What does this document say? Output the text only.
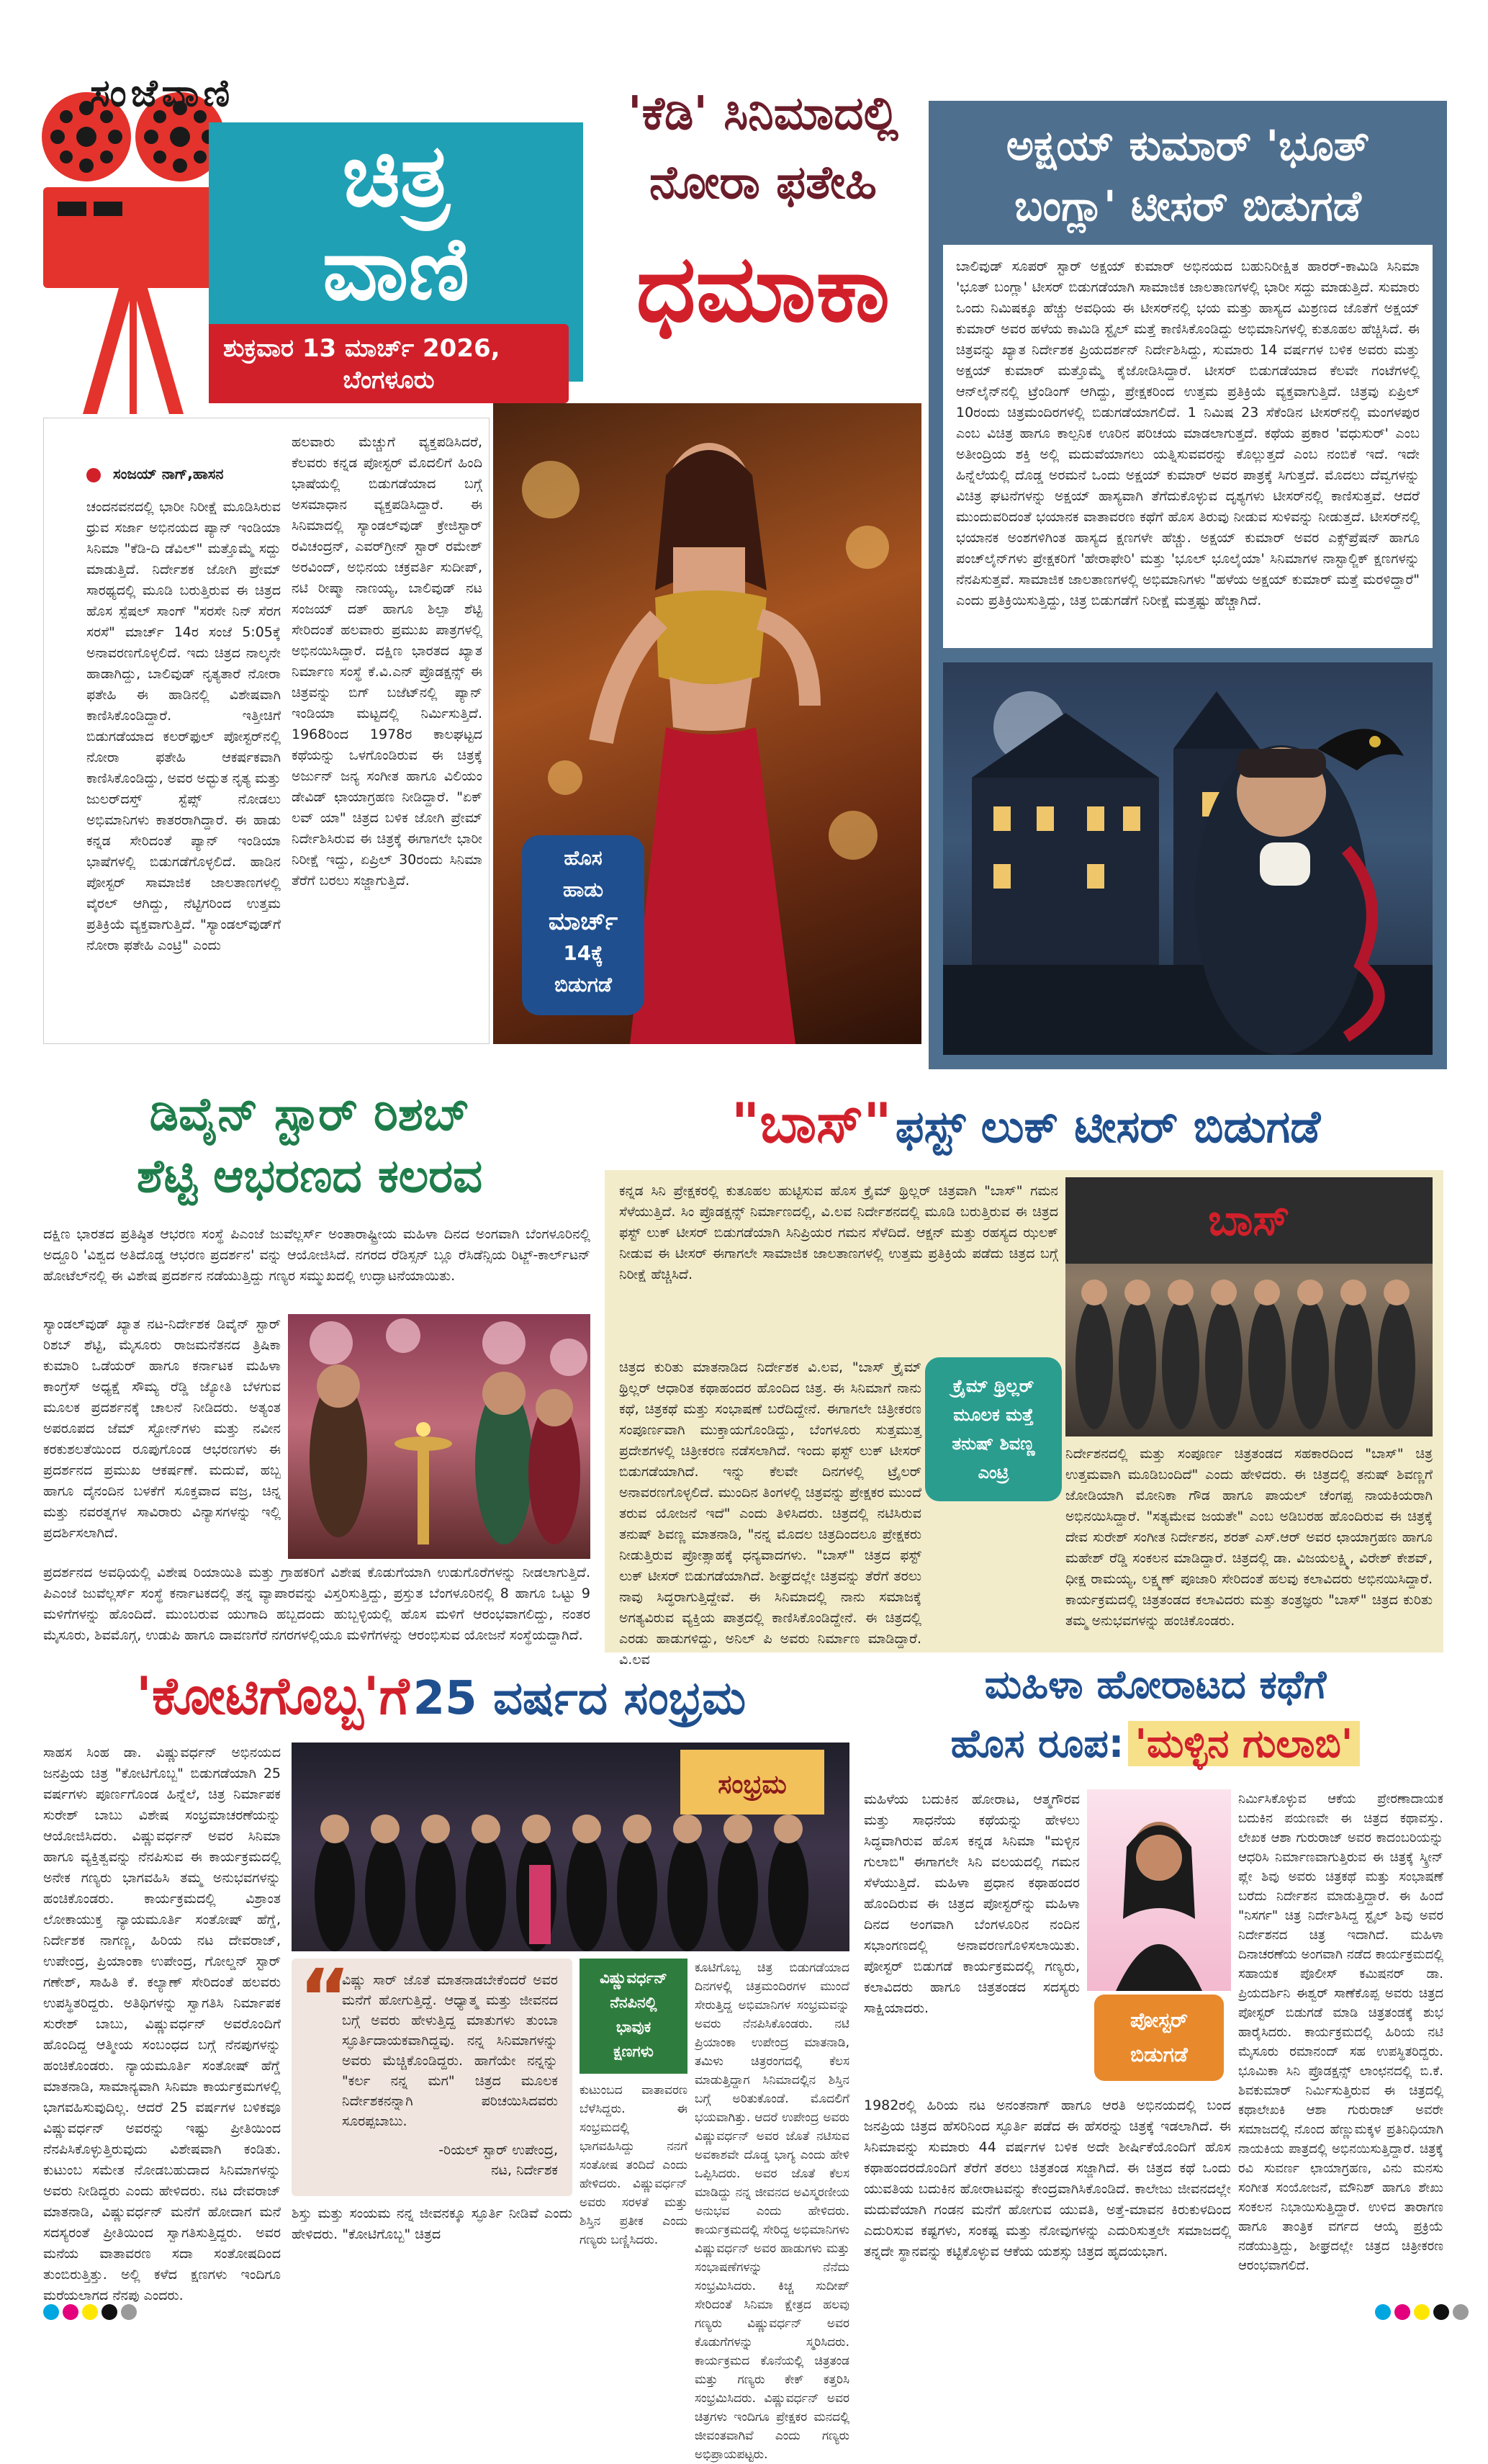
ಸಂಜೆವಾಣಿ
ಚಿತ್ರ
ವಾಣಿ
ಶುಕ್ರವಾರ 13 ಮಾರ್ಚ್ 2026,
ಬೆಂಗಳೂರು
'ಕೆಡಿ' ಸಿನಿಮಾದಲ್ಲಿ
ನೋರಾ ಫತೇಹಿ
ಧಮಾಕಾ
ಅಕ್ಷಯ್ ಕುಮಾರ್ 'ಭೂತ್
ಬಂಗ್ಲಾ' ಟೀಸರ್ ಬಿಡುಗಡೆ
ಬಾಲಿವುಡ್ ಸೂಪರ್ ಸ್ಟಾರ್ ಅಕ್ಷಯ್ ಕುಮಾರ್ ಅಭಿನಯದ ಬಹುನಿರೀಕ್ಷಿತ ಹಾರರ್-ಕಾಮಿಡಿ ಸಿನಿಮಾ 'ಭೂತ್ ಬಂಗ್ಲಾ' ಟೀಸರ್ ಬಿಡುಗಡೆಯಾಗಿ ಸಾಮಾಜಿಕ ಜಾಲತಾಣಗಳಲ್ಲಿ ಭಾರೀ ಸದ್ದು ಮಾಡುತ್ತಿದೆ. ಸುಮಾರು ಒಂದು ನಿಮಿಷಕ್ಕೂ ಹೆಚ್ಚು ಅವಧಿಯ ಈ ಟೀಸರ್‌ನಲ್ಲಿ ಭಯ ಮತ್ತು ಹಾಸ್ಯದ ಮಿಶ್ರಣದ ಜೊತೆಗೆ ಅಕ್ಷಯ್ ಕುಮಾರ್ ಅವರ ಹಳೆಯ ಕಾಮಿಡಿ ಸ್ಟೈಲ್ ಮತ್ತೆ ಕಾಣಿಸಿಕೊಂಡಿದ್ದು ಅಭಿಮಾನಿಗಳಲ್ಲಿ ಕುತೂಹಲ ಹೆಚ್ಚಿಸಿದೆ. ಈ ಚಿತ್ರವನ್ನು ಖ್ಯಾತ ನಿರ್ದೇಶಕ ಪ್ರಿಯದರ್ಶನ್ ನಿರ್ದೇಶಿಸಿದ್ದು, ಸುಮಾರು 14 ವರ್ಷಗಳ ಬಳಿಕ ಅವರು ಮತ್ತು ಅಕ್ಷಯ್ ಕುಮಾರ್ ಮತ್ತೊಮ್ಮೆ ಕೈಜೋಡಿಸಿದ್ದಾರೆ. ಟೀಸರ್ ಬಿಡುಗಡೆಯಾದ ಕೆಲವೇ ಗಂಟೆಗಳಲ್ಲಿ ಆನ್‌ಲೈನ್‌ನಲ್ಲಿ ಟ್ರೆಂಡಿಂಗ್ ಆಗಿದ್ದು, ಪ್ರೇಕ್ಷಕರಿಂದ ಉತ್ತಮ ಪ್ರತಿಕ್ರಿಯೆ ವ್ಯಕ್ತವಾಗುತ್ತಿದೆ. ಚಿತ್ರವು ಏಪ್ರಿಲ್ 10ರಂದು ಚಿತ್ರಮಂದಿರಗಳಲ್ಲಿ ಬಿಡುಗಡೆಯಾಗಲಿದೆ. 1 ನಿಮಿಷ 23 ಸೆಕೆಂಡಿನ ಟೀಸರ್‌ನಲ್ಲಿ ಮಂಗಳಪುರ ಎಂಬ ವಿಚಿತ್ರ ಹಾಗೂ ಕಾಲ್ಪನಿಕ ಊರಿನ ಪರಿಚಯ ಮಾಡಲಾಗುತ್ತದೆ. ಕಥೆಯ ಪ್ರಕಾರ 'ವಧುಸುರ್' ಎಂಬ ಅತೀಂದ್ರಿಯ ಶಕ್ತಿ ಅಲ್ಲಿ ಮದುವೆಯಾಗಲು ಯತ್ನಿಸುವವರನ್ನು ಕೊಲ್ಲುತ್ತದೆ ಎಂಬ ನಂಬಿಕೆ ಇದೆ. ಇದೇ ಹಿನ್ನೆಲೆಯಲ್ಲಿ ದೊಡ್ಡ ಅರಮನೆ ಒಂದು ಅಕ್ಷಯ್ ಕುಮಾರ್ ಅವರ ಪಾತ್ರಕ್ಕೆ ಸಿಗುತ್ತದೆ. ಮೊದಲು ದೆವ್ವಗಳನ್ನು ವಿಚಿತ್ರ ಘಟನೆಗಳನ್ನು ಅಕ್ಷಯ್ ಹಾಸ್ಯವಾಗಿ ತೆಗೆದುಕೊಳ್ಳುವ ದೃಶ್ಯಗಳು ಟೀಸರ್‌ನಲ್ಲಿ ಕಾಣಿಸುತ್ತವೆ. ಆದರೆ ಮುಂದುವರಿದಂತೆ ಭಯಾನಕ ವಾತಾವರಣ ಕಥೆಗೆ ಹೊಸ ತಿರುವು ನೀಡುವ ಸುಳಿವನ್ನು ನೀಡುತ್ತದೆ. ಟೀಸರ್‌ನಲ್ಲಿ ಭಯಾನಕ ಅಂಶಗಳಿಗಿಂತ ಹಾಸ್ಯದ ಕ್ಷಣಗಳೇ ಹೆಚ್ಚು. ಅಕ್ಷಯ್ ಕುಮಾರ್ ಅವರ ಎಕ್ಸ್‌ಪ್ರೆಷನ್ ಹಾಗೂ ಪಂಚ್‌ಲೈನ್‌ಗಳು ಪ್ರೇಕ್ಷಕರಿಗೆ 'ಹೇರಾಫೇರಿ' ಮತ್ತು 'ಭೂಲ್ ಭೂಲೈಯಾ' ಸಿನಿಮಾಗಳ ನಾಸ್ಟಾಲ್ಜಿಕ್ ಕ್ಷಣಗಳನ್ನು ನೆನಪಿಸುತ್ತವೆ. ಸಾಮಾಜಿಕ ಜಾಲತಾಣಗಳಲ್ಲಿ ಅಭಿಮಾನಿಗಳು "ಹಳೆಯ ಅಕ್ಷಯ್ ಕುಮಾರ್ ಮತ್ತೆ ಮರಳಿದ್ದಾರೆ" ಎಂದು ಪ್ರತಿಕ್ರಿಯಿಸುತ್ತಿದ್ದು, ಚಿತ್ರ ಬಿಡುಗಡೆಗೆ ನಿರೀಕ್ಷೆ ಮತ್ತಷ್ಟು ಹೆಚ್ಚಾಗಿದೆ.
ಸಂಜಯ್ ನಾಗ್,ಹಾಸನ
ಚಂದನವನದಲ್ಲಿ ಭಾರೀ ನಿರೀಕ್ಷೆ ಮೂಡಿಸಿರುವ ಧ್ರುವ ಸರ್ಜಾ ಅಭಿನಯದ ಪ್ಯಾನ್ ಇಂಡಿಯಾ ಸಿನಿಮಾ "ಕೆಡಿ-ದಿ ಡೆವಿಲ್" ಮತ್ತೊಮ್ಮೆ ಸದ್ದು ಮಾಡುತ್ತಿದೆ. ನಿರ್ದೇಶಕ ಜೋಗಿ ಪ್ರೇಮ್ ಸಾರಥ್ಯದಲ್ಲಿ ಮೂಡಿ ಬರುತ್ತಿರುವ ಈ ಚಿತ್ರದ ಹೊಸ ಸ್ಪೆಷಲ್ ಸಾಂಗ್ "ಸರಸೇ ನಿನ್ ಸೆರಗ ಸರಸೆ" ಮಾರ್ಚ್ 14ರ ಸಂಜೆ 5:05ಕ್ಕೆ ಅನಾವರಣಗೊಳ್ಳಲಿದೆ. ಇದು ಚಿತ್ರದ ನಾಲ್ಕನೇ ಹಾಡಾಗಿದ್ದು, ಬಾಲಿವುಡ್ ನೃತ್ಯತಾರೆ ನೋರಾ ಫತೇಹಿ ಈ ಹಾಡಿನಲ್ಲಿ ವಿಶೇಷವಾಗಿ ಕಾಣಿಸಿಕೊಂಡಿದ್ದಾರೆ. ಇತ್ತೀಚಿಗೆ ಬಿಡುಗಡೆಯಾದ ಕಲರ್‌ಫುಲ್ ಪೋಸ್ಟರ್‌ನಲ್ಲಿ ನೋರಾ ಫತೇಹಿ ಆಕರ್ಷಕವಾಗಿ ಕಾಣಿಸಿಕೊಂಡಿದ್ದು, ಅವರ ಅದ್ಭುತ ನೃತ್ಯ ಮತ್ತು ಜುಲರ್‌ದಸ್ತ್ ಸ್ಟೆಪ್ಸ್ ನೋಡಲು ಅಭಿಮಾನಿಗಳು ಕಾತರರಾಗಿದ್ದಾರೆ. ಈ ಹಾಡು ಕನ್ನಡ ಸೇರಿದಂತೆ ಪ್ಯಾನ್ ಇಂಡಿಯಾ ಭಾಷೆಗಳಲ್ಲಿ ಬಿಡುಗಡೆಗೊಳ್ಳಲಿದೆ. ಹಾಡಿನ ಪೋಸ್ಟರ್ ಸಾಮಾಜಿಕ ಜಾಲತಾಣಗಳಲ್ಲಿ ವೈರಲ್ ಆಗಿದ್ದು, ನೆಟ್ಟಿಗರಿಂದ ಉತ್ತಮ ಪ್ರತಿಕ್ರಿಯೆ ವ್ಯಕ್ತವಾಗುತ್ತಿದೆ. "ಸ್ಯಾಂಡಲ್‌ವುಡ್‌ಗೆ ನೋರಾ ಫತೇಹಿ ಎಂಟ್ರಿ" ಎಂದು
ಹಲವಾರು ಮೆಚ್ಚುಗೆ ವ್ಯಕ್ತಪಡಿಸಿದರೆ, ಕೆಲವರು ಕನ್ನಡ ಪೋಸ್ಟರ್ ಮೊದಲಿಗೆ ಹಿಂದಿ ಭಾಷೆಯಲ್ಲಿ ಬಿಡುಗಡೆಯಾದ ಬಗ್ಗೆ ಅಸಮಾಧಾನ ವ್ಯಕ್ತಪಡಿಸಿದ್ದಾರೆ. ಈ ಸಿನಿಮಾದಲ್ಲಿ ಸ್ಯಾಂಡಲ್‌ವುಡ್ ಕ್ರೇಜಿಸ್ಟಾರ್ ರವಿಚಂದ್ರನ್, ಎವರ್‌ಗ್ರೀನ್ ಸ್ಟಾರ್ ರಮೇಶ್ ಅರವಿಂದ್, ಅಭಿನಯ ಚಕ್ರವರ್ತಿ ಸುದೀಪ್, ನಟಿ ರೀಷ್ಮಾ ನಾಣಯ್ಯ, ಬಾಲಿವುಡ್ ನಟ ಸಂಜಯ್ ದತ್ ಹಾಗೂ ಶಿಲ್ಪಾ ಶೆಟ್ಟಿ ಸೇರಿದಂತೆ ಹಲವಾರು ಪ್ರಮುಖ ಪಾತ್ರಗಳಲ್ಲಿ ಅಭಿನಯಿಸಿದ್ದಾರೆ. ದಕ್ಷಿಣ ಭಾರತದ ಖ್ಯಾತ ನಿರ್ಮಾಣ ಸಂಸ್ಥೆ ಕೆ.ವಿ.ಎನ್ ಪ್ರೊಡಕ್ಷನ್ಸ್ ಈ ಚಿತ್ರವನ್ನು ಬಿಗ್ ಬಜೆಟ್‌ನಲ್ಲಿ ಪ್ಯಾನ್ ಇಂಡಿಯಾ ಮಟ್ಟದಲ್ಲಿ ನಿರ್ಮಿಸುತ್ತಿದೆ. 1968ರಿಂದ 1978ರ ಕಾಲಘಟ್ಟದ ಕಥೆಯನ್ನು ಒಳಗೊಂಡಿರುವ ಈ ಚಿತ್ರಕ್ಕೆ ಅರ್ಜುನ್ ಜನ್ಯ ಸಂಗೀತ ಹಾಗೂ ವಿಲಿಯಂ ಡೇವಿಡ್ ಛಾಯಾಗ್ರಹಣ ನೀಡಿದ್ದಾರೆ. "ಏಕ್ ಲವ್ ಯಾ" ಚಿತ್ರದ ಬಳಿಕ ಜೋಗಿ ಪ್ರೇಮ್ ನಿರ್ದೇಶಿಸಿರುವ ಈ ಚಿತ್ರಕ್ಕೆ ಈಗಾಗಲೇ ಭಾರೀ ನಿರೀಕ್ಷೆ ಇದ್ದು, ಏಪ್ರಿಲ್ 30ರಂದು ಸಿನಿಮಾ ತೆರೆಗೆ ಬರಲು ಸಜ್ಜಾಗುತ್ತಿದೆ.
ಹೊಸ
ಹಾಡು
ಮಾರ್ಚ್
14ಕ್ಕೆ
ಬಿಡುಗಡೆ
ಡಿವೈನ್ ಸ್ಟಾರ್ ರಿಶಬ್
ಶೆಟ್ಟಿ ಆಭರಣದ ಕಲರವ
ದಕ್ಷಿಣ ಭಾರತದ ಪ್ರತಿಷ್ಠಿತ ಆಭರಣ ಸಂಸ್ಥೆ ಪಿಎಂಜೆ ಜುವೆಲ್ಲರ್ಸ್ ಅಂತಾರಾಷ್ಟ್ರೀಯ ಮಹಿಳಾ ದಿನದ ಅಂಗವಾಗಿ ಬೆಂಗಳೂರಿನಲ್ಲಿ ಅದ್ದೂರಿ 'ವಿಶ್ವದ ಅತಿದೊಡ್ಡ ಆಭರಣ ಪ್ರದರ್ಶನ' ವನ್ನು ಆಯೋಜಿಸಿದೆ. ನಗರದ ರೆಡಿಸ್ಸನ್ ಬ್ಲೂ ರೆಸಿಡೆನ್ಸಿಯ ರಿಟ್ಜ್-ಕಾರ್ಲ್‌ಟನ್ ಹೋಟೆಲ್‌ನಲ್ಲಿ ಈ ವಿಶೇಷ ಪ್ರದರ್ಶನ ನಡೆಯುತ್ತಿದ್ದು ಗಣ್ಯರ ಸಮ್ಮುಖದಲ್ಲಿ ಉದ್ಘಾಟನೆಯಾಯಿತು.
ಸ್ಯಾಂಡಲ್‌ವುಡ್ ಖ್ಯಾತ ನಟ-ನಿರ್ದೇಶಕ ಡಿವೈನ್ ಸ್ಟಾರ್ ರಿಶಬ್ ಶೆಟ್ಟಿ, ಮೈಸೂರು ರಾಜಮನೆತನದ ತ್ರಿಷಿಕಾ ಕುಮಾರಿ ಒಡೆಯರ್ ಹಾಗೂ ಕರ್ನಾಟಕ ಮಹಿಳಾ ಕಾಂಗ್ರೆಸ್ ಅಧ್ಯಕ್ಷೆ ಸೌಮ್ಯ ರೆಡ್ಡಿ ಜ್ಯೋತಿ ಬೆಳಗುವ ಮೂಲಕ ಪ್ರದರ್ಶನಕ್ಕೆ ಚಾಲನೆ ನೀಡಿದರು. ಅತ್ಯಂತ ಅಪರೂಪದ ಜೆಮ್ ಸ್ಟೋನ್‌ಗಳು ಮತ್ತು ನವೀನ ಕರಕುಶಲತೆಯಿಂದ ರೂಪುಗೊಂಡ ಆಭರಣಗಳು ಈ ಪ್ರದರ್ಶನದ ಪ್ರಮುಖ ಆಕರ್ಷಣೆ. ಮದುವೆ, ಹಬ್ಬ ಹಾಗೂ ದೈನಂದಿನ ಬಳಕೆಗೆ ಸೂಕ್ತವಾದ ವಜ್ರ, ಚಿನ್ನ ಮತ್ತು ನವರತ್ನಗಳ ಸಾವಿರಾರು ವಿನ್ಯಾಸಗಳನ್ನು ಇಲ್ಲಿ ಪ್ರದರ್ಶಿಸಲಾಗಿದೆ.
ಪ್ರದರ್ಶನದ ಅವಧಿಯಲ್ಲಿ ವಿಶೇಷ ರಿಯಾಯಿತಿ ಮತ್ತು ಗ್ರಾಹಕರಿಗೆ ವಿಶೇಷ ಕೊಡುಗೆಯಾಗಿ ಉಡುಗೊರೆಗಳನ್ನು ನೀಡಲಾಗುತ್ತಿದೆ. ಪಿಎಂಜೆ ಜುವೆಲ್ಲರ್ಸ್ ಸಂಸ್ಥೆ ಕರ್ನಾಟಕದಲ್ಲಿ ತನ್ನ ವ್ಯಾಪಾರವನ್ನು ವಿಸ್ತರಿಸುತ್ತಿದ್ದು, ಪ್ರಸ್ತುತ ಬೆಂಗಳೂರಿನಲ್ಲಿ 8 ಹಾಗೂ ಒಟ್ಟು 9 ಮಳಿಗೆಗಳನ್ನು ಹೊಂದಿದೆ. ಮುಂಬರುವ ಯುಗಾದಿ ಹಬ್ಬದಂದು ಹುಬ್ಬಳ್ಳಿಯಲ್ಲಿ ಹೊಸ ಮಳಿಗೆ ಆರಂಭವಾಗಲಿದ್ದು, ನಂತರ ಮೈಸೂರು, ಶಿವಮೊಗ್ಗ, ಉಡುಪಿ ಹಾಗೂ ದಾವಣಗೆರೆ ನಗರಗಳಲ್ಲಿಯೂ ಮಳಿಗೆಗಳನ್ನು ಆರಂಭಿಸುವ ಯೋಜನೆ ಸಂಸ್ಥೆಯದ್ದಾಗಿದೆ.
"ಬಾಸ್" ಫಸ್ಟ್ ಲುಕ್ ಟೀಸರ್ ಬಿಡುಗಡೆ
ಕನ್ನಡ ಸಿನಿ ಪ್ರೇಕ್ಷಕರಲ್ಲಿ ಕುತೂಹಲ ಹುಟ್ಟಿಸುವ ಹೊಸ ಕ್ರೈಮ್ ಥ್ರಿಲ್ಲರ್ ಚಿತ್ರವಾಗಿ "ಬಾಸ್" ಗಮನ ಸೆಳೆಯುತ್ತಿದೆ. ಸಿಂ ಪ್ರೊಡಕ್ಷನ್ಸ್ ನಿರ್ಮಾಣದಲ್ಲಿ, ವಿ.ಲವ ನಿರ್ದೇಶನದಲ್ಲಿ ಮೂಡಿ ಬರುತ್ತಿರುವ ಈ ಚಿತ್ರದ ಫಸ್ಟ್ ಲುಕ್ ಟೀಸರ್ ಬಿಡುಗಡೆಯಾಗಿ ಸಿನಿಪ್ರಿಯರ ಗಮನ ಸೆಳೆದಿದೆ. ಆಕ್ಷನ್ ಮತ್ತು ರಹಸ್ಯದ ಝಲಕ್ ನೀಡುವ ಈ ಟೀಸರ್ ಈಗಾಗಲೇ ಸಾಮಾಜಿಕ ಜಾಲತಾಣಗಳಲ್ಲಿ ಉತ್ತಮ ಪ್ರತಿಕ್ರಿಯೆ ಪಡೆದು ಚಿತ್ರದ ಬಗ್ಗೆ ನಿರೀಕ್ಷೆ ಹೆಚ್ಚಿಸಿದೆ.
ಬಾಸ್
ಕ್ರೈಮ್ ಥ್ರಿಲ್ಲರ್
ಮೂಲಕ ಮತ್ತೆ
ತನುಷ್ ಶಿವಣ್ಣ
ಎಂಟ್ರಿ
ಚಿತ್ರದ ಕುರಿತು ಮಾತನಾಡಿದ ನಿರ್ದೇಶಕ ವಿ.ಲವ, "ಬಾಸ್ ಕ್ರೈಮ್ ಥ್ರಿಲ್ಲರ್ ಆಧಾರಿತ ಕಥಾಹಂದರ ಹೊಂದಿದ ಚಿತ್ರ. ಈ ಸಿನಿಮಾಗೆ ನಾನು ಕಥೆ, ಚಿತ್ರಕಥೆ ಮತ್ತು ಸಂಭಾಷಣೆ ಬರೆದಿದ್ದೇನೆ. ಈಗಾಗಲೇ ಚಿತ್ರೀಕರಣ ಸಂಪೂರ್ಣವಾಗಿ ಮುಕ್ತಾಯಗೊಂಡಿದ್ದು, ಬೆಂಗಳೂರು ಸುತ್ತಮುತ್ತ ಪ್ರದೇಶಗಳಲ್ಲಿ ಚಿತ್ರೀಕರಣ ನಡೆಸಲಾಗಿದೆ. ಇಂದು ಫಸ್ಟ್ ಲುಕ್ ಟೀಸರ್ ಬಿಡುಗಡೆಯಾಗಿದೆ. ಇನ್ನು ಕೆಲವೇ ದಿನಗಳಲ್ಲಿ ಟ್ರೈಲರ್ ಅನಾವರಣಗೊಳ್ಳಲಿದೆ. ಮುಂದಿನ ತಿಂಗಳಲ್ಲಿ ಚಿತ್ರವನ್ನು ಪ್ರೇಕ್ಷಕರ ಮುಂದೆ ತರುವ ಯೋಜನೆ ಇದೆ" ಎಂದು ತಿಳಿಸಿದರು. ಚಿತ್ರದಲ್ಲಿ ನಟಿಸಿರುವ ತನುಷ್ ಶಿವಣ್ಣ ಮಾತನಾಡಿ, "ನನ್ನ ಮೊದಲ ಚಿತ್ರದಿಂದಲೂ ಪ್ರೇಕ್ಷಕರು ನೀಡುತ್ತಿರುವ ಪ್ರೋತ್ಸಾಹಕ್ಕೆ ಧನ್ಯವಾದಗಳು. "ಬಾಸ್" ಚಿತ್ರದ ಫಸ್ಟ್ ಲುಕ್ ಟೀಸರ್ ಬಿಡುಗಡೆಯಾಗಿದೆ. ಶೀಘ್ರದಲ್ಲೇ ಚಿತ್ರವನ್ನು ತೆರೆಗೆ ತರಲು ನಾವು ಸಿದ್ಧರಾಗುತ್ತಿದ್ದೇವೆ. ಈ ಸಿನಿಮಾದಲ್ಲಿ ನಾನು ಸಮಾಜಕ್ಕೆ ಅಗತ್ಯವಿರುವ ವ್ಯಕ್ತಿಯ ಪಾತ್ರದಲ್ಲಿ ಕಾಣಿಸಿಕೊಂಡಿದ್ದೇನೆ. ಈ ಚಿತ್ರದಲ್ಲಿ ಎರಡು ಹಾಡುಗಳಿದ್ದು, ಅನಿಲ್ ಪಿ ಅವರು ನಿರ್ಮಾಣ ಮಾಡಿದ್ದಾರೆ. ವಿ.ಲವ
ನಿರ್ದೇಶನದಲ್ಲಿ ಮತ್ತು ಸಂಪೂರ್ಣ ಚಿತ್ರತಂಡದ ಸಹಕಾರದಿಂದ "ಬಾಸ್" ಚಿತ್ರ ಉತ್ತಮವಾಗಿ ಮೂಡಿಬಂದಿದೆ" ಎಂದು ಹೇಳಿದರು. ಈ ಚಿತ್ರದಲ್ಲಿ ತನುಷ್ ಶಿವಣ್ಣಗೆ ಜೋಡಿಯಾಗಿ ಮೋನಿಕಾ ಗೌಡ ಹಾಗೂ ಪಾಯಲ್ ಚೆಂಗಪ್ಪ ನಾಯಕಿಯರಾಗಿ ಅಭಿನಯಿಸಿದ್ದಾರೆ. "ಸತ್ಯಮೇವ ಜಯತೇ" ಎಂಬ ಅಡಿಬರಹ ಹೊಂದಿರುವ ಈ ಚಿತ್ರಕ್ಕೆ ದೇವ ಸುರೇಶ್ ಸಂಗೀತ ನಿರ್ದೇಶನ, ಶರತ್ ಎಸ್.ಆರ್ ಅವರ ಛಾಯಾಗ್ರಹಣ ಹಾಗೂ ಮಹೇಶ್ ರೆಡ್ಡಿ ಸಂಕಲನ ಮಾಡಿದ್ದಾರೆ. ಚಿತ್ರದಲ್ಲಿ ಡಾ. ವಿಜಯಲಕ್ಷ್ಮಿ, ವಿರೇಶ್ ಕೇಶವ್, ಧೀಕ್ಷ ರಾಮಯ್ಯ, ಲಕ್ಷ್ಮಣ್ ಪೂಜಾರಿ ಸೇರಿದಂತೆ ಹಲವು ಕಲಾವಿದರು ಅಭಿನಯಿಸಿದ್ದಾರೆ. ಕಾರ್ಯಕ್ರಮದಲ್ಲಿ ಚಿತ್ರತಂಡದ ಕಲಾವಿದರು ಮತ್ತು ತಂತ್ರಜ್ಞರು "ಬಾಸ್" ಚಿತ್ರದ ಕುರಿತು ತಮ್ಮ ಅನುಭವಗಳನ್ನು ಹಂಚಿಕೊಂಡರು.
'ಕೋಟಿಗೊಬ್ಬ'ಗೆ 25 ವರ್ಷದ ಸಂಭ್ರಮ
ಸಾಹಸ ಸಿಂಹ ಡಾ. ವಿಷ್ಣುವರ್ಧನ್ ಅಭಿನಯದ ಜನಪ್ರಿಯ ಚಿತ್ರ "ಕೋಟಿಗೊಬ್ಬ" ಬಿಡುಗಡೆಯಾಗಿ 25 ವರ್ಷಗಳು ಪೂರ್ಣಗೊಂಡ ಹಿನ್ನೆಲೆ, ಚಿತ್ರ ನಿರ್ಮಾಪಕ ಸುರೇಶ್ ಬಾಬು ವಿಶೇಷ ಸಂಭ್ರಮಾಚರಣೆಯನ್ನು ಆಯೋಜಿಸಿದರು. ವಿಷ್ಣುವರ್ಧನ್ ಅವರ ಸಿನಿಮಾ ಹಾಗೂ ವ್ಯಕ್ತಿತ್ವವನ್ನು ನೆನಪಿಸುವ ಈ ಕಾರ್ಯಕ್ರಮದಲ್ಲಿ ಅನೇಕ ಗಣ್ಯರು ಭಾಗವಹಿಸಿ ತಮ್ಮ ಅನುಭವಗಳನ್ನು ಹಂಚಿಕೊಂಡರು. ಕಾರ್ಯಕ್ರಮದಲ್ಲಿ ವಿಶ್ರಾಂತ ಲೋಕಾಯುಕ್ತ ನ್ಯಾಯಮೂರ್ತಿ ಸಂತೋಷ್ ಹೆಗ್ಡೆ, ನಿರ್ದೇಶಕ ನಾಗಣ್ಣ, ಹಿರಿಯ ನಟ ದೇವರಾಜ್, ಉಪೇಂದ್ರ, ಪ್ರಿಯಾಂಕಾ ಉಪೇಂದ್ರ, ಗೋಲ್ಡನ್ ಸ್ಟಾರ್ ಗಣೇಶ್, ಸಾಹಿತಿ ಕೆ. ಕಲ್ಯಾಣ್ ಸೇರಿದಂತೆ ಹಲವರು ಉಪಸ್ಥಿತರಿದ್ದರು. ಅತಿಥಿಗಳನ್ನು ಸ್ವಾಗತಿಸಿ ನಿರ್ಮಾಪಕ ಸುರೇಶ್ ಬಾಬು, ವಿಷ್ಣುವರ್ಧನ್ ಅವರೊಂದಿಗೆ ಹೊಂದಿದ್ದ ಆತ್ಮೀಯ ಸಂಬಂಧದ ಬಗ್ಗೆ ನೆನಪುಗಳನ್ನು ಹಂಚಿಕೊಂಡರು. ನ್ಯಾಯಮೂರ್ತಿ ಸಂತೋಷ್ ಹೆಗ್ಡೆ ಮಾತನಾಡಿ, ಸಾಮಾನ್ಯವಾಗಿ ಸಿನಿಮಾ ಕಾರ್ಯಕ್ರಮಗಳಲ್ಲಿ ಭಾಗವಹಿಸುವುದಿಲ್ಲ. ಆದರೆ 25 ವರ್ಷಗಳ ಬಳಿಕವೂ ವಿಷ್ಣುವರ್ಧನ್ ಅವರನ್ನು ಇಷ್ಟು ಪ್ರೀತಿಯಿಂದ ನೆನಪಿಸಿಕೊಳ್ಳುತ್ತಿರುವುದು ವಿಶೇಷವಾಗಿ ಕಂಡಿತು. ಕುಟುಂಬ ಸಮೇತ ನೋಡಬಹುದಾದ ಸಿನಿಮಾಗಳನ್ನು ಅವರು ನೀಡಿದ್ದರು ಎಂದು ಹೇಳಿದರು. ನಟ ದೇವರಾಜ್ ಮಾತನಾಡಿ, ವಿಷ್ಣುವರ್ಧನ್ ಮನೆಗೆ ಹೋದಾಗ ಮನೆ ಸದಸ್ಯರಂತೆ ಪ್ರೀತಿಯಿಂದ ಸ್ವಾಗತಿಸುತ್ತಿದ್ದರು. ಅವರ ಮನೆಯ ವಾತಾವರಣ ಸದಾ ಸಂತೋಷದಿಂದ ತುಂಬಿರುತ್ತಿತ್ತು. ಅಲ್ಲಿ ಕಳೆದ ಕ್ಷಣಗಳು ಇಂದಿಗೂ ಮರೆಯಲಾಗದ ನೆನಪು ಎಂದರು.
ಸಂಭ್ರಮ
“
ವಿಷ್ಣು ಸಾರ್ ಜೊತೆ ಮಾತನಾಡಬೇಕೆಂದರೆ ಅವರ ಮನೆಗೆ ಹೋಗುತ್ತಿದ್ದೆ. ಆಧ್ಯಾತ್ಮ ಮತ್ತು ಜೀವನದ ಬಗ್ಗೆ ಅವರು ಹೇಳುತ್ತಿದ್ದ ಮಾತುಗಳು ತುಂಬಾ ಸ್ಫೂರ್ತಿದಾಯಕವಾಗಿದ್ದವು. ನನ್ನ ಸಿನಿಮಾಗಳನ್ನು ಅವರು ಮೆಚ್ಚಿಕೊಂಡಿದ್ದರು. ಹಾಗೆಯೇ ನನ್ನನ್ನು "ಕರ್ಲ ನನ್ನ ಮಗ" ಚಿತ್ರದ ಮೂಲಕ ನಿರ್ದೇಶಕನನ್ನಾಗಿ ಪರಿಚಯಿಸಿದವರು ಸೂರಪ್ಪಬಾಬು.
-ರಿಯಲ್ ಸ್ಟಾರ್ ಉಪೇಂದ್ರ,
ನಟ, ನಿರ್ದೇಶಕ
ಶಿಸ್ತು ಮತ್ತು ಸಂಯಮ ನನ್ನ ಜೀವನಕ್ಕೂ ಸ್ಫೂರ್ತಿ ನೀಡಿವೆ ಎಂದು ಹೇಳಿದರು. "ಕೋಟಿಗೊಬ್ಬ" ಚಿತ್ರದ
ವಿಷ್ಣುವರ್ಧನ್
ನೆನಪಿನಲ್ಲಿ
ಭಾವುಕ
ಕ್ಷಣಗಳು
ಕುಟುಂಬದ ವಾತಾವರಣ ಬೆಳೆಸಿದ್ದರು. ಈ ಸಂಭ್ರಮದಲ್ಲಿ ಭಾಗವಹಿಸಿದ್ದು ನನಗೆ ಸಂತೋಷ ತಂದಿದೆ ಎಂದು ಹೇಳಿದರು. ವಿಷ್ಣುವರ್ಧನ್ ಅವರು ಸರಳತೆ ಮತ್ತು ಶಿಸ್ತಿನ ಪ್ರತೀಕ ಎಂದು ಗಣ್ಯರು ಬಣ್ಣಿಸಿದರು.
ಕೂಟಿಗೊಬ್ಬ ಚಿತ್ರ ಬಿಡುಗಡೆಯಾದ ದಿನಗಳಲ್ಲಿ ಚಿತ್ರಮಂದಿರಗಳ ಮುಂದೆ ಸೇರುತ್ತಿದ್ದ ಅಭಿಮಾನಿಗಳ ಸಂಭ್ರಮವನ್ನು ಅವರು ನೆನಪಿಸಿಕೊಂಡರು. ನಟಿ ಪ್ರಿಯಾಂಕಾ ಉಪೇಂದ್ರ ಮಾತನಾಡಿ, ತಮಿಳು ಚಿತ್ರರಂಗದಲ್ಲಿ ಕೆಲಸ ಮಾಡುತ್ತಿದ್ದಾಗ ಸಿನಿಮಾದಲ್ಲಿನ ಶಿಸ್ತಿನ ಬಗ್ಗೆ ಅರಿತುಕೊಂಡೆ. ಮೊದಲಿಗೆ ಭಯವಾಗಿತ್ತು. ಆದರೆ ಉಪೇಂದ್ರ ಅವರು ವಿಷ್ಣುವರ್ಧನ್ ಅವರ ಜೊತೆ ನಟಿಸುವ ಅವಕಾಶವೇ ದೊಡ್ಡ ಭಾಗ್ಯ ಎಂದು ಹೇಳಿ ಒಪ್ಪಿಸಿದರು. ಅವರ ಜೊತೆ ಕೆಲಸ ಮಾಡಿದ್ದು ನನ್ನ ಜೀವನದ ಅವಿಸ್ಮರಣೀಯ ಅನುಭವ ಎಂದು ಹೇಳಿದರು. ಕಾರ್ಯಕ್ರಮದಲ್ಲಿ ಸೇರಿದ್ದ ಅಭಿಮಾನಿಗಳು ವಿಷ್ಣುವರ್ಧನ್ ಅವರ ಹಾಡುಗಳು ಮತ್ತು ಸಂಭಾಷಣೆಗಳನ್ನು ನೆನೆದು ಸಂಭ್ರಮಿಸಿದರು. ಕಿಚ್ಚ ಸುದೀಪ್ ಸೇರಿದಂತೆ ಸಿನಿಮಾ ಕ್ಷೇತ್ರದ ಹಲವು ಗಣ್ಯರು ವಿಷ್ಣುವರ್ಧನ್ ಅವರ ಕೊಡುಗೆಗಳನ್ನು ಸ್ಮರಿಸಿದರು. ಕಾರ್ಯಕ್ರಮದ ಕೊನೆಯಲ್ಲಿ ಚಿತ್ರತಂಡ ಮತ್ತು ಗಣ್ಯರು ಕೇಕ್ ಕತ್ತರಿಸಿ ಸಂಭ್ರಮಿಸಿದರು. ವಿಷ್ಣುವರ್ಧನ್ ಅವರ ಚಿತ್ರಗಳು ಇಂದಿಗೂ ಪ್ರೇಕ್ಷಕರ ಮನದಲ್ಲಿ ಜೀವಂತವಾಗಿವೆ ಎಂದು ಗಣ್ಯರು ಅಭಿಪ್ರಾಯಪಟ್ಟರು.
ಮಹಿಳಾ ಹೋರಾಟದ ಕಥೆಗೆ
ಹೊಸ ರೂಪ: 'ಮಳ್ಳಿನ ಗುಲಾಬಿ'
ಮಹಿಳೆಯ ಬದುಕಿನ ಹೋರಾಟ, ಆತ್ಮಗೌರವ ಮತ್ತು ಸಾಧನೆಯ ಕಥೆಯನ್ನು ಹೇಳಲು ಸಿದ್ಧವಾಗಿರುವ ಹೊಸ ಕನ್ನಡ ಸಿನಿಮಾ "ಮಳ್ಳಿನ ಗುಲಾಬಿ" ಈಗಾಗಲೇ ಸಿನಿ ವಲಯದಲ್ಲಿ ಗಮನ ಸೆಳೆಯುತ್ತಿದೆ. ಮಹಿಳಾ ಪ್ರಧಾನ ಕಥಾಹಂದರ ಹೊಂದಿರುವ ಈ ಚಿತ್ರದ ಪೋಸ್ಟರ್‌ನ್ನು ಮಹಿಳಾ ದಿನದ ಅಂಗವಾಗಿ ಬೆಂಗಳೂರಿನ ನಂದಿನ ಸಭಾಂಗಣದಲ್ಲಿ ಅನಾವರಣಗೊಳಿಸಲಾಯಿತು. ಪೋಸ್ಟರ್ ಬಿಡುಗಡೆ ಕಾರ್ಯಕ್ರಮದಲ್ಲಿ ಗಣ್ಯರು, ಕಲಾವಿದರು ಹಾಗೂ ಚಿತ್ರತಂಡದ ಸದಸ್ಯರು ಸಾಕ್ಷಿಯಾದರು.	ಪೋಸ್ಟರ್
ಬಿಡುಗಡೆ
1982ರಲ್ಲಿ ಹಿರಿಯ ನಟ ಅನಂತನಾಗ್ ಹಾಗೂ ಆರತಿ ಅಭಿನಯದಲ್ಲಿ ಬಂದ ಜನಪ್ರಿಯ ಚಿತ್ರದ ಹೆಸರಿನಿಂದ ಸ್ಫೂರ್ತಿ ಪಡೆದ ಈ ಹೆಸರನ್ನು ಚಿತ್ರಕ್ಕೆ ಇಡಲಾಗಿದೆ. ಈ ಸಿನಿಮಾವನ್ನು ಸುಮಾರು 44 ವರ್ಷಗಳ ಬಳಿಕ ಅದೇ ಶೀರ್ಷಿಕೆಯೊಂದಿಗೆ ಹೊಸ ಕಥಾಹಂದರದೊಂದಿಗೆ ತೆರೆಗೆ ತರಲು ಚಿತ್ರತಂಡ ಸಜ್ಜಾಗಿದೆ. ಈ ಚಿತ್ರದ ಕಥೆ ಒಂದು ಯುವತಿಯ ಬದುಕಿನ ಹೋರಾಟವನ್ನು ಕೇಂದ್ರವಾಗಿಸಿಕೊಂಡಿದೆ. ಕಾಲೇಜು ಜೀವನದಲ್ಲೇ ಮದುವೆಯಾಗಿ ಗಂಡನ ಮನೆಗೆ ಹೋಗುವ ಯುವತಿ, ಅತ್ತೆ-ಮಾವನ ಕಿರುಕುಳದಿಂದ ಎದುರಿಸುವ ಕಷ್ಟಗಳು, ಸಂಕಷ್ಟ ಮತ್ತು ನೋವುಗಳನ್ನು ಎದುರಿಸುತ್ತಲೇ ಸಮಾಜದಲ್ಲಿ ತನ್ನದೇ ಸ್ಥಾನವನ್ನು ಕಟ್ಟಿಕೊಳ್ಳುವ ಆಕೆಯ ಯಶಸ್ಸು ಚಿತ್ರದ ಹೃದಯಭಾಗ.
ನಿರ್ಮಿಸಿಕೊಳ್ಳುವ ಆಕೆಯ ಪ್ರೇರಣಾದಾಯಕ ಬದುಕಿನ ಪಯಣವೇ ಈ ಚಿತ್ರದ ಕಥಾವಸ್ತು. ಲೇಖಕ ಆಶಾ ಗುರುರಾಜ್ ಅವರ ಕಾದಂಬರಿಯನ್ನು ಆಧರಿಸಿ ನಿರ್ಮಾಣವಾಗುತ್ತಿರುವ ಈ ಚಿತ್ರಕ್ಕೆ ಸ್ಕ್ರೀನ್ ಪ್ಲೇ ಶಿವು ಅವರು ಚಿತ್ರಕಥೆ ಮತ್ತು ಸಂಭಾಷಣೆ ಬರೆದು ನಿರ್ದೇಶನ ಮಾಡುತ್ತಿದ್ದಾರೆ. ಈ ಹಿಂದೆ "ನಿಸರ್ಗ" ಚಿತ್ರ ನಿರ್ದೇಶಿಸಿದ್ದ ಸ್ಟೈಲ್ ಶಿವು ಅವರ ನಿರ್ದೇಶನದ ಚಿತ್ರ ಇದಾಗಿದೆ. ಮಹಿಳಾ ದಿನಾಚರಣೆಯ ಅಂಗವಾಗಿ ನಡೆದ ಕಾರ್ಯಕ್ರಮದಲ್ಲಿ ಸಹಾಯಕ ಪೊಲೀಸ್ ಕಮಿಷನರ್ ಡಾ. ಪ್ರಿಯದರ್ಶಿನಿ ಈಶ್ವರ್ ಸಾಣೆಕೊಪ್ಪ ಅವರು ಚಿತ್ರದ ಪೋಸ್ಟರ್ ಬಿಡುಗಡೆ ಮಾಡಿ ಚಿತ್ರತಂಡಕ್ಕೆ ಶುಭ ಹಾರೈಸಿದರು. ಕಾರ್ಯಕ್ರಮದಲ್ಲಿ ಹಿರಿಯ ನಟಿ ಮೈಸೂರು ರಮಾನಂದ್ ಸಹ ಉಪಸ್ಥಿತರಿದ್ದರು. ಭೂಮಿಕಾ ಸಿನಿ ಪ್ರೊಡಕ್ಷನ್ಸ್ ಲಾಂಛನದಲ್ಲಿ ಬಿ.ಕೆ. ಶಿವಕುಮಾರ್ ನಿರ್ಮಿಸುತ್ತಿರುವ ಈ ಚಿತ್ರದಲ್ಲಿ ಕಥಾಲೇಖಕಿ ಆಶಾ ಗುರುರಾಜ್ ಅವರೇ ಸಮಾಜದಲ್ಲಿ ನೊಂದ ಹೆಣ್ಣುಮಕ್ಕಳ ಪ್ರತಿನಿಧಿಯಾಗಿ ನಾಯಕಿಯ ಪಾತ್ರದಲ್ಲಿ ಅಭಿನಯಿಸುತ್ತಿದ್ದಾರೆ. ಚಿತ್ರಕ್ಕೆ ರವಿ ಸುವರ್ಣ ಛಾಯಾಗ್ರಹಣ, ವಿನು ಮನಸು ಸಂಗೀತ ಸಂಯೋಜನೆ, ಮೌನಿಶ್ ಹಾಗೂ ಶೇಖು ಸಂಕಲನ ನಿಭಾಯಿಸುತ್ತಿದ್ದಾರೆ. ಉಳಿದ ತಾರಾಗಣ ಹಾಗೂ ತಾಂತ್ರಿಕ ವರ್ಗದ ಆಯ್ಕೆ ಪ್ರಕ್ರಿಯೆ ನಡೆಯುತ್ತಿದ್ದು, ಶೀಘ್ರದಲ್ಲೇ ಚಿತ್ರದ ಚಿತ್ರೀಕರಣ ಆರಂಭವಾಗಲಿದೆ.
